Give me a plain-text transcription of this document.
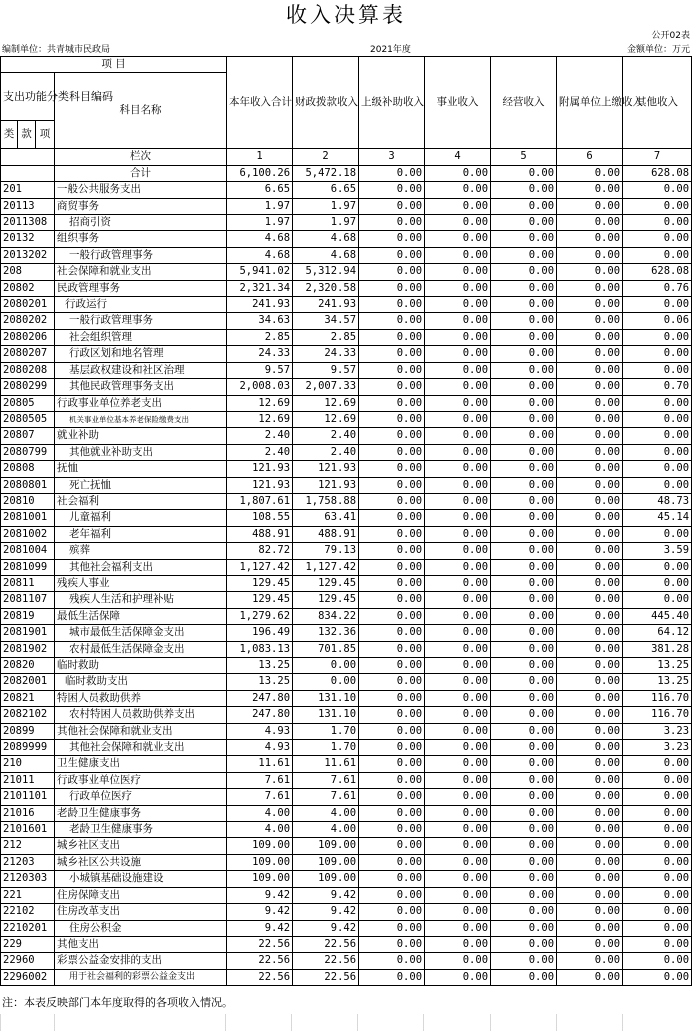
收入决算表
公开02表
编制单位：共青城市民政局	2021年度	金额单位：万元
项 目				本年收入合计	财政拨款收入	上级补助收入	事业收入	经营收入	附属单位上缴收入	其他收入
支出功能分类科目编码			科目名称							
类	款	项								
			栏次	1	2	3	4	5	6	7
			合计	6,100.26	5,472.18	0.00	0.00	0.00	0.00	628.08
201			一般公共服务支出	6.65	6.65	0.00	0.00	0.00	0.00	0.00
20113			商贸事务	1.97	1.97	0.00	0.00	0.00	0.00	0.00
2011308			招商引资	1.97	1.97	0.00	0.00	0.00	0.00	0.00
20132			组织事务	4.68	4.68	0.00	0.00	0.00	0.00	0.00
2013202			一般行政管理事务	4.68	4.68	0.00	0.00	0.00	0.00	0.00
208			社会保障和就业支出	5,941.02	5,312.94	0.00	0.00	0.00	0.00	628.08
20802			民政管理事务	2,321.34	2,320.58	0.00	0.00	0.00	0.00	0.76
2080201			行政运行	241.93	241.93	0.00	0.00	0.00	0.00	0.00
2080202			一般行政管理事务	34.63	34.57	0.00	0.00	0.00	0.00	0.06
2080206			社会组织管理	2.85	2.85	0.00	0.00	0.00	0.00	0.00
2080207			行政区划和地名管理	24.33	24.33	0.00	0.00	0.00	0.00	0.00
2080208			基层政权建设和社区治理	9.57	9.57	0.00	0.00	0.00	0.00	0.00
2080299			其他民政管理事务支出	2,008.03	2,007.33	0.00	0.00	0.00	0.00	0.70
20805			行政事业单位养老支出	12.69	12.69	0.00	0.00	0.00	0.00	0.00
2080505			机关事业单位基本养老保险缴费支出	12.69	12.69	0.00	0.00	0.00	0.00	0.00
20807			就业补助	2.40	2.40	0.00	0.00	0.00	0.00	0.00
2080799			其他就业补助支出	2.40	2.40	0.00	0.00	0.00	0.00	0.00
20808			抚恤	121.93	121.93	0.00	0.00	0.00	0.00	0.00
2080801			死亡抚恤	121.93	121.93	0.00	0.00	0.00	0.00	0.00
20810			社会福利	1,807.61	1,758.88	0.00	0.00	0.00	0.00	48.73
2081001			儿童福利	108.55	63.41	0.00	0.00	0.00	0.00	45.14
2081002			老年福利	488.91	488.91	0.00	0.00	0.00	0.00	0.00
2081004			殡葬	82.72	79.13	0.00	0.00	0.00	0.00	3.59
2081099			其他社会福利支出	1,127.42	1,127.42	0.00	0.00	0.00	0.00	0.00
20811			残疾人事业	129.45	129.45	0.00	0.00	0.00	0.00	0.00
2081107			残疾人生活和护理补贴	129.45	129.45	0.00	0.00	0.00	0.00	0.00
20819			最低生活保障	1,279.62	834.22	0.00	0.00	0.00	0.00	445.40
2081901			城市最低生活保障金支出	196.49	132.36	0.00	0.00	0.00	0.00	64.12
2081902			农村最低生活保障金支出	1,083.13	701.85	0.00	0.00	0.00	0.00	381.28
20820			临时救助	13.25	0.00	0.00	0.00	0.00	0.00	13.25
2082001			临时救助支出	13.25	0.00	0.00	0.00	0.00	0.00	13.25
20821			特困人员救助供养	247.80	131.10	0.00	0.00	0.00	0.00	116.70
2082102			农村特困人员救助供养支出	247.80	131.10	0.00	0.00	0.00	0.00	116.70
20899			其他社会保障和就业支出	4.93	1.70	0.00	0.00	0.00	0.00	3.23
2089999			其他社会保障和就业支出	4.93	1.70	0.00	0.00	0.00	0.00	3.23
210			卫生健康支出	11.61	11.61	0.00	0.00	0.00	0.00	0.00
21011			行政事业单位医疗	7.61	7.61	0.00	0.00	0.00	0.00	0.00
2101101			行政单位医疗	7.61	7.61	0.00	0.00	0.00	0.00	0.00
21016			老龄卫生健康事务	4.00	4.00	0.00	0.00	0.00	0.00	0.00
2101601			老龄卫生健康事务	4.00	4.00	0.00	0.00	0.00	0.00	0.00
212			城乡社区支出	109.00	109.00	0.00	0.00	0.00	0.00	0.00
21203			城乡社区公共设施	109.00	109.00	0.00	0.00	0.00	0.00	0.00
2120303			小城镇基础设施建设	109.00	109.00	0.00	0.00	0.00	0.00	0.00
221			住房保障支出	9.42	9.42	0.00	0.00	0.00	0.00	0.00
22102			住房改革支出	9.42	9.42	0.00	0.00	0.00	0.00	0.00
2210201			住房公积金	9.42	9.42	0.00	0.00	0.00	0.00	0.00
229			其他支出	22.56	22.56	0.00	0.00	0.00	0.00	0.00
22960			彩票公益金安排的支出	22.56	22.56	0.00	0.00	0.00	0.00	0.00
2296002			用于社会福利的彩票公益金支出	22.56	22.56	0.00	0.00	0.00	0.00	0.00
注：本表反映部门本年度取得的各项收入情况。
